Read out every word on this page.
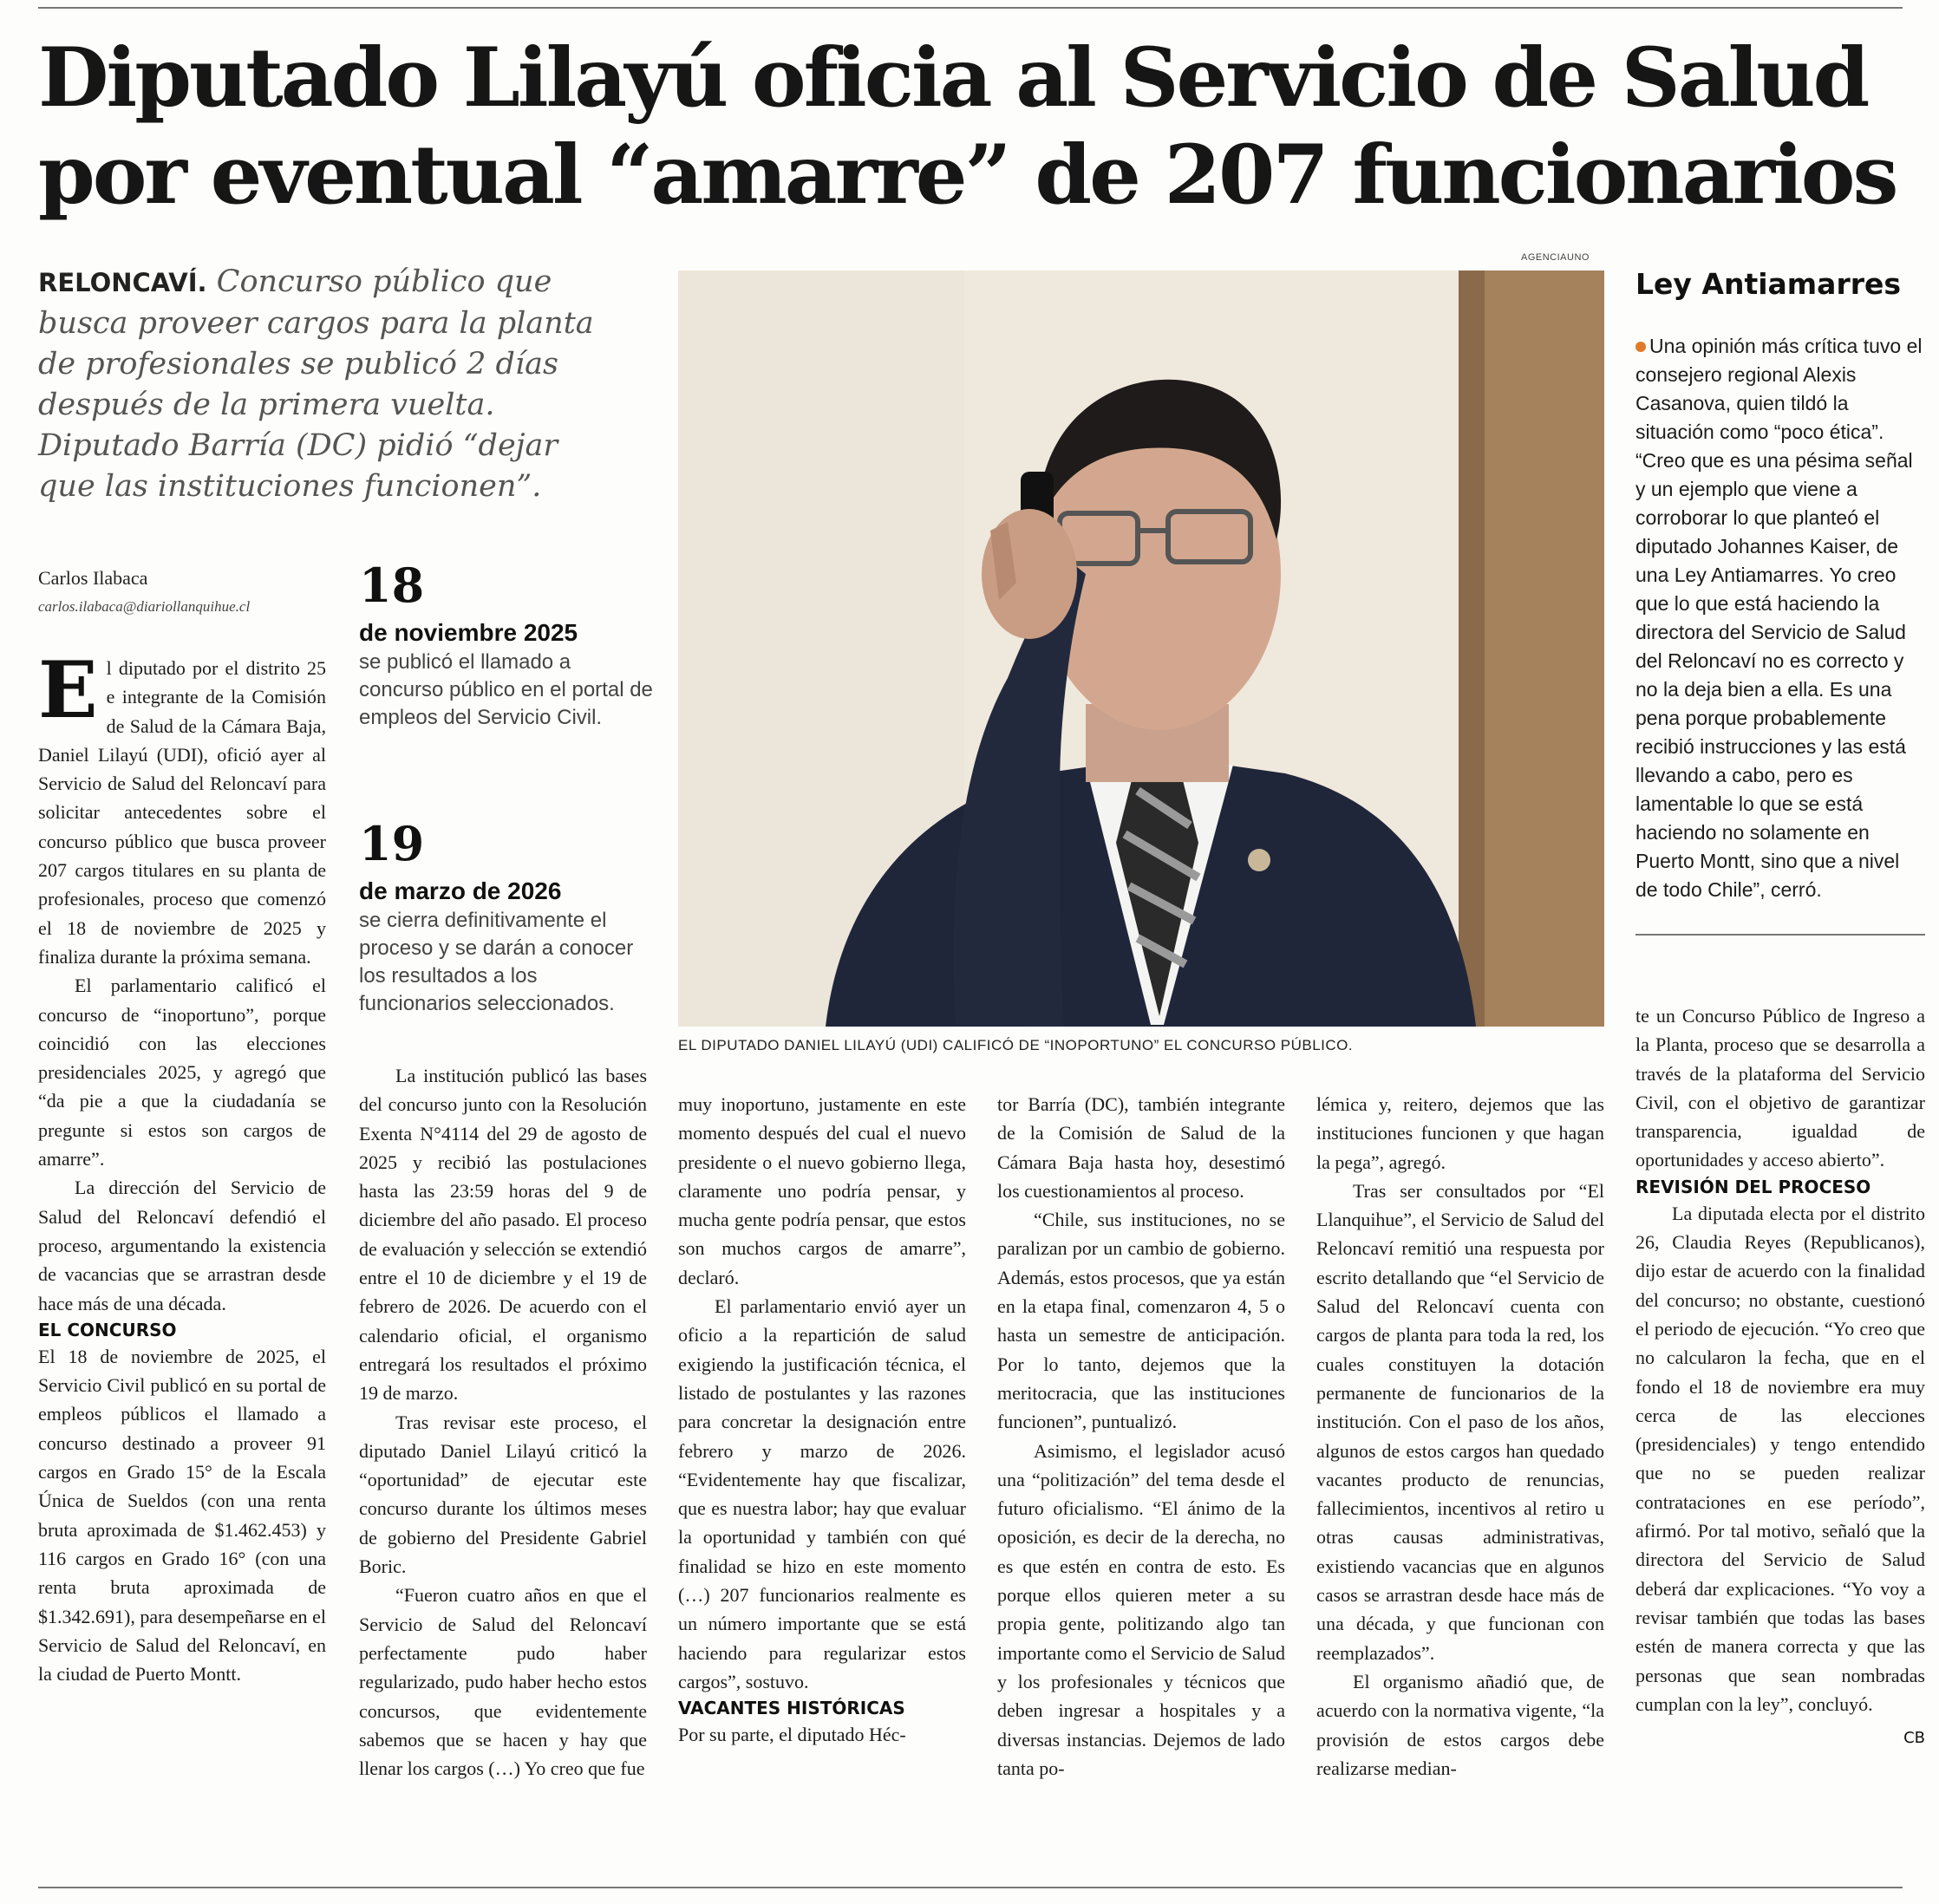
Diputado Lilayú oficia al Servicio de Salud por eventual “amarre” de 207 funcionarios
AGENCIAUNO

RELONCAVÍ. Concurso público que busca proveer cargos para la planta de profesionales se publicó 2 días después de la primera vuelta. Diputado Barría (DC) pidió “dejar que las instituciones funcionen”.

Carlos Ilabaca
carlos.ilabaca@diariollanquihue.cl

El diputado por el distrito 25 e integrante de la Comisión de Salud de la Cámara Baja, Daniel Lilayú (UDI), ofició ayer al Servicio de Salud del Reloncaví para solicitar antecedentes sobre el concurso público que busca proveer 207 cargos titulares en su planta de profesionales, proceso que comenzó el 18 de noviembre de 2025 y finaliza durante la próxima semana.

El parlamentario calificó el concurso de “inoportuno”, porque coincidió con las elecciones presidenciales 2025, y agregó que “da pie a que la ciudadanía se pregunte si estos son cargos de amarre”.

La dirección del Servicio de Salud del Reloncaví defendió el proceso, argumentando la existencia de vacancias que se arrastran desde hace más de una década.

EL CONCURSO

El 18 de noviembre de 2025, el Servicio Civil publicó en su portal de empleos públicos el llamado a concurso destinado a proveer 91 cargos en Grado 15° de la Escala Única de Sueldos (con una renta bruta aproximada de $1.462.453) y 116 cargos en Grado 16° (con una renta bruta aproximada de $1.342.691), para desempeñarse en el Servicio de Salud del Reloncaví, en la ciudad de Puerto Montt.

18
de noviembre 2025
se publicó el llamado a concurso público en el portal de empleos del Servicio Civil.
19
de marzo de 2026
se cierra definitivamente el proceso y se darán a conocer los resultados a los funcionarios seleccionados.

La institución publicó las bases del concurso junto con la Resolución Exenta N°4114 del 29 de agosto de 2025 y recibió las postulaciones hasta las 23:59 horas del 9 de diciembre del año pasado. El proceso de evaluación y selección se extendió entre el 10 de diciembre y el 19 de febrero de 2026. De acuerdo con el calendario oficial, el organismo entregará los resultados el próximo 19 de marzo.

Tras revisar este proceso, el diputado Daniel Lilayú criticó la “oportunidad” de ejecutar este concurso durante los últimos meses de gobierno del Presidente Gabriel Boric.

“Fueron cuatro años en que el Servicio de Salud del Reloncaví perfectamente pudo haber regularizado, pudo haber hecho estos concursos, que evidentemente sabemos que se hacen y hay que llenar los cargos (…) Yo creo que fue

EL DIPUTADO DANIEL LILAYÚ (UDI) CALIFICÓ DE “INOPORTUNO” EL CONCURSO PÚBLICO.

muy inoportuno, justamente en este momento después del cual el nuevo presidente o el nuevo gobierno llega, claramente uno podría pensar, y mucha gente podría pensar, que estos son muchos cargos de amarre”, declaró.

El parlamentario envió ayer un oficio a la repartición de salud exigiendo la justificación técnica, el listado de postulantes y las razones para concretar la designación entre febrero y marzo de 2026. “Evidentemente hay que fiscalizar, que es nuestra labor; hay que evaluar la oportunidad y también con qué finalidad se hizo en este momento (…) 207 funcionarios realmente es un número importante que se está haciendo para regularizar estos cargos”, sostuvo.

VACANTES HISTÓRICAS

Por su parte, el diputado Héc-

tor Barría (DC), también integrante de la Comisión de Salud de la Cámara Baja hasta hoy, desestimó los cuestionamientos al proceso.

“Chile, sus instituciones, no se paralizan por un cambio de gobierno. Además, estos procesos, que ya están en la etapa final, comenzaron 4, 5 o hasta un semestre de anticipación. Por lo tanto, dejemos que la meritocracia, que las instituciones funcionen”, puntualizó.

Asimismo, el legislador acusó una “politización” del tema desde el futuro oficialismo. “El ánimo de la oposición, es decir de la derecha, no es que estén en contra de esto. Es porque ellos quieren meter a su propia gente, politizando algo tan importante como el Servicio de Salud y los profesionales y técnicos que deben ingresar a hospitales y a diversas instancias. Dejemos de lado tanta po-

lémica y, reitero, dejemos que las instituciones funcionen y que hagan la pega”, agregó.

Tras ser consultados por “El Llanquihue”, el Servicio de Salud del Reloncaví remitió una respuesta por escrito detallando que “el Servicio de Salud del Reloncaví cuenta con cargos de planta para toda la red, los cuales constituyen la dotación permanente de funcionarios de la institución. Con el paso de los años, algunos de estos cargos han quedado vacantes producto de renuncias, fallecimientos, incentivos al retiro u otras causas administrativas, existiendo vacancias que en algunos casos se arrastran desde hace más de una década, y que funcionan con reemplazados”.

El organismo añadió que, de acuerdo con la normativa vigente, “la provisión de estos cargos debe realizarse median-

Ley Antiamarres

Una opinión más crítica tuvo el consejero regional Alexis Casanova, quien tildó la situación como “poco ética”. “Creo que es una pésima señal y un ejemplo que viene a corroborar lo que planteó el diputado Johannes Kaiser, de una Ley Antiamarres. Yo creo que lo que está haciendo la directora del Servicio de Salud del Reloncaví no es correcto y no la deja bien a ella. Es una pena porque probablemente recibió instrucciones y las está llevando a cabo, pero es lamentable lo que se está haciendo no solamente en Puerto Montt, sino que a nivel de todo Chile”, cerró.

te un Concurso Público de Ingreso a la Planta, proceso que se desarrolla a través de la plataforma del Servicio Civil, con el objetivo de garantizar transparencia, igualdad de oportunidades y acceso abierto”.

REVISIÓN DEL PROCESO

La diputada electa por el distrito 26, Claudia Reyes (Republicanos), dijo estar de acuerdo con la finalidad del concurso; no obstante, cuestionó el periodo de ejecución. “Yo creo que no calcularon la fecha, que en el fondo el 18 de noviembre era muy cerca de las elecciones (presidenciales) y tengo entendido que no se pueden realizar contrataciones en ese período”, afirmó. Por tal motivo, señaló que la directora del Servicio de Salud deberá dar explicaciones. “Yo voy a revisar también que todas las bases estén de manera correcta y que las personas que sean nombradas cumplan con la ley”, concluyó.
CB
